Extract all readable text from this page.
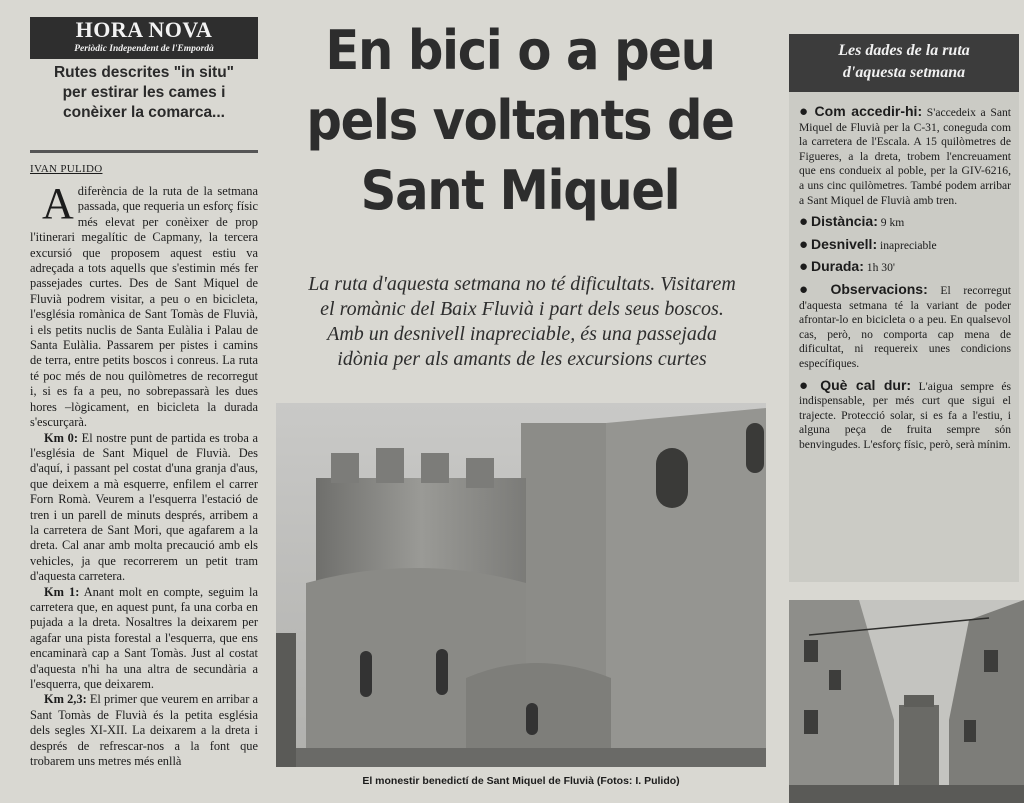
HORA NOVA
Periòdic Independent de l'Empordà
Rutes descrites "in situ"
per estirar les cames i
conèixer la comarca...
IVAN PULIDO

Adiferència de la ruta de la setmana passada, que requeria un esforç físic més elevat per conèixer de prop l'itinerari megalític de Capmany, la tercera excursió que proposem aquest estiu va adreçada a tots aquells que s'estimin més fer passejades curtes. Des de Sant Miquel de Fluvià podrem visitar, a peu o en bicicleta, l'església romànica de Sant Tomàs de Fluvià, i els petits nuclis de Santa Eulàlia i Palau de Santa Eulàlia. Passarem per pistes i camins de terra, entre petits boscos i conreus. La ruta té poc més de nou quilòmetres de recorregut i, si es fa a peu, no sobrepassarà les dues hores –lògicament, en bicicleta la durada s'escurçarà.

Km 0: El nostre punt de partida es troba a l'església de Sant Miquel de Fluvià. Des d'aquí, i passant pel costat d'una granja d'aus, que deixem a mà esquerre, enfilem el carrer Forn Romà. Veurem a l'esquerra l'estació de tren i un parell de minuts després, arribem a la carretera de Sant Mori, que agafarem a la dreta. Cal anar amb molta precaució amb els vehicles, ja que recorrerem un petit tram d'aquesta carretera.

Km 1: Anant molt en compte, seguim la carretera que, en aquest punt, fa una corba en pujada a la dreta. Nosaltres la deixarem per agafar una pista forestal a l'esquerra, que ens encaminarà cap a Sant Tomàs. Just al costat d'aquesta n'hi ha una altra de secundària a l'esquerra, que deixarem.

Km 2,3: El primer que veurem en arribar a Sant Tomàs de Fluvià és la petita església dels segles XI-XII. La deixarem a la dreta i després de refrescar-nos a la font que trobarem uns metres més enllà

En bici o a peu
pels voltants de
Sant Miquel
La ruta d'aquesta setmana no té dificultats. Visitarem
el romànic del Baix Fluvià i part dels seus boscos.
Amb un desnivell inapreciable, és una passejada
idònia per als amants de les excursions curtes
El monestir benedictí de Sant Miquel de Fluvià (Fotos: I. Pulido)
Les dades de la ruta
d'aquesta setmana
● Com accedir-hi: S'accedeix a Sant Miquel de Fluvià per la C-31, coneguda com la carretera de l'Escala. A 15 quilòmetres de Figueres, a la dreta, trobem l'encreuament que ens condueix al poble, per la GIV-6216, a uns cinc quilòmetres. També podem arribar a Sant Miquel de Fluvià amb tren.
● Distància: 9 km
● Desnivell: inapreciable
● Durada: 1h 30'
● Observacions: El recorregut d'aquesta setmana té la variant de poder afrontar-lo en bicicleta o a peu. En qualsevol cas, però, no comporta cap mena de dificultat, ni requereix unes condicions específiques.
● Què cal dur: L'aigua sempre és indispensable, per més curt que sigui el trajecte. Protecció solar, si es fa a l'estiu, i alguna peça de fruita sempre són benvingudes. L'esforç físic, però, serà mínim.
